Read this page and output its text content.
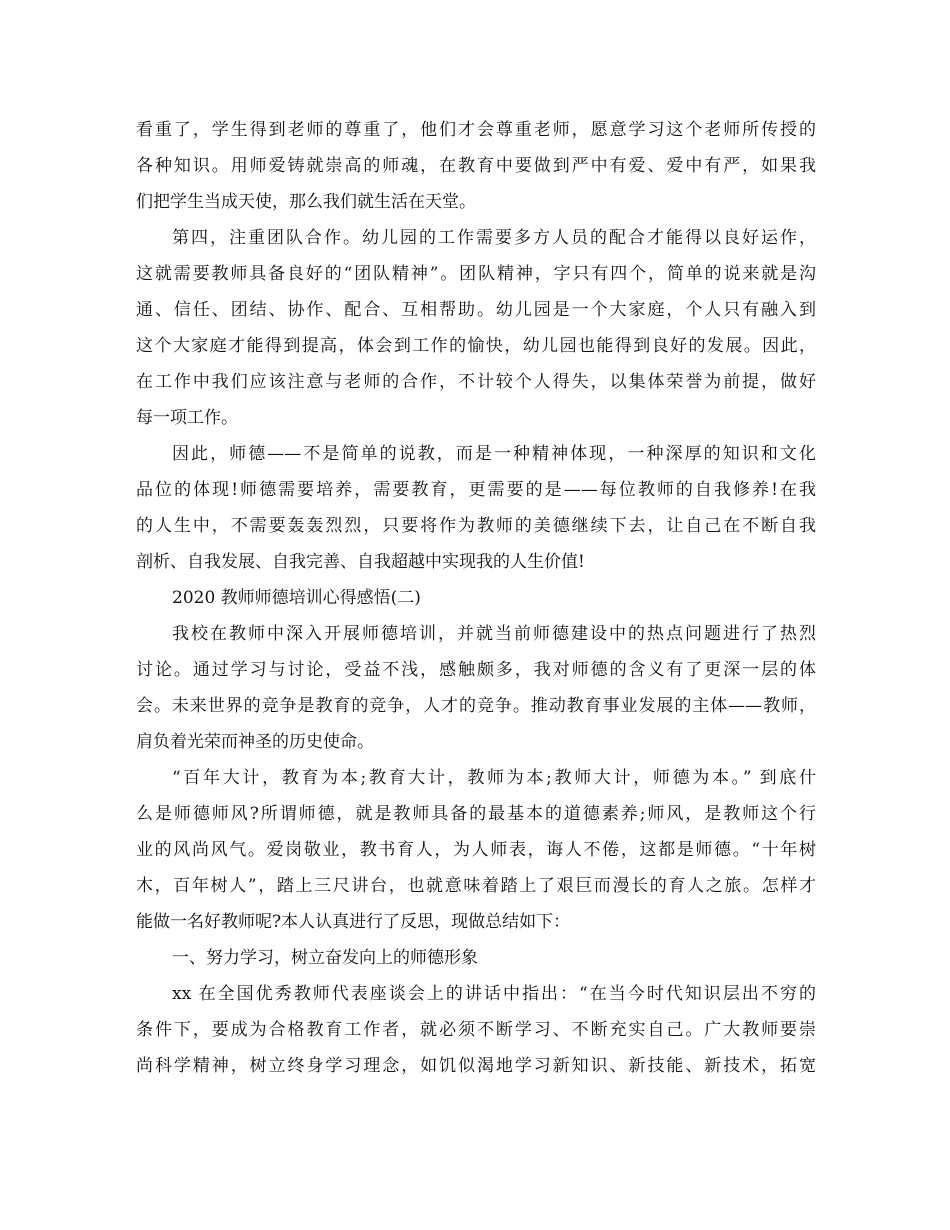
看重了，学生得到老师的尊重了，他们才会尊重老师，愿意学习这个老师所传授的
各种知识。用师爱铸就崇高的师魂，在教育中要做到严中有爱、爱中有严，如果我
们把学生当成天使，那么我们就生活在天堂。
第四，注重团队合作。幼儿园的工作需要多方人员的配合才能得以良好运作，
这就需要教师具备良好的“团队精神”。团队精神，字只有四个，简单的说来就是沟
通、信任、团结、协作、配合、互相帮助。幼儿园是一个大家庭，个人只有融入到
这个大家庭才能得到提高，体会到工作的愉快，幼儿园也能得到良好的发展。因此，
在工作中我们应该注意与老师的合作，不计较个人得失，以集体荣誉为前提，做好
每一项工作。
因此，师德——不是简单的说教，而是一种精神体现，一种深厚的知识和文化
品位的体现!师德需要培养，需要教育，更需要的是——每位教师的自我修养!在我
的人生中，不需要轰轰烈烈，只要将作为教师的美德继续下去，让自己在不断自我
剖析、自我发展、自我完善、自我超越中实现我的人生价值!
2020 教师师德培训心得感悟(二)
我校在教师中深入开展师德培训，并就当前师德建设中的热点问题进行了热烈
讨论。通过学习与讨论，受益不浅，感触颇多，我对师德的含义有了更深一层的体
会。未来世界的竞争是教育的竞争，人才的竞争。推动教育事业发展的主体——教师，
肩负着光荣而神圣的历史使命。
“百年大计，教育为本;教育大计，教师为本;教师大计，师德为本。” 到底什
么是师德师风?所谓师德，就是教师具备的最基本的道德素养;师风，是教师这个行
业的风尚风气。爱岗敬业，教书育人，为人师表，诲人不倦，这都是师德。“十年树
木，百年树人”，踏上三尺讲台，也就意味着踏上了艰巨而漫长的育人之旅。怎样才
能做一名好教师呢?本人认真进行了反思，现做总结如下：
一、努力学习，树立奋发向上的师德形象
xx 在全国优秀教师代表座谈会上的讲话中指出：“在当今时代知识层出不穷的
条件下，要成为合格教育工作者，就必须不断学习、不断充实自己。广大教师要崇
尚科学精神，树立终身学习理念，如饥似渴地学习新知识、新技能、新技术，拓宽
